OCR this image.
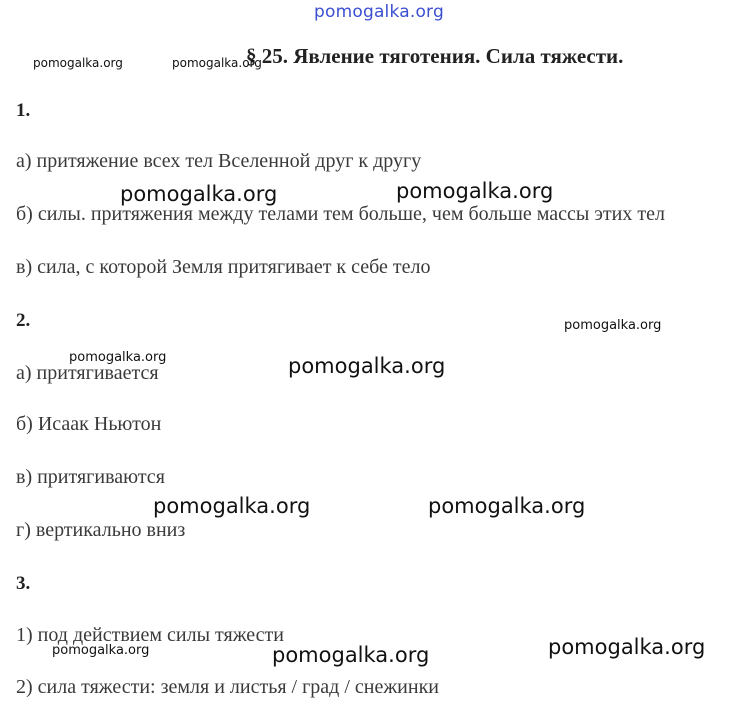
pomogalka.org
§ 25. Явление тяготения. Сила тяжести.
1.
а) притяжение всех тел Вселенной друг к другу
б) силы. притяжения между телами тем больше, чем больше массы этих тел
в) сила, с которой Земля притягивает к себе тело
2.
а) притягивается
б) Исаак Ньютон
в) притягиваются
г) вертикально вниз
3.
1) под действием силы тяжести
2) сила тяжести: земля и листья / град / снежинки
pomogalka.org	pomogalka.org
pomogalka.org	pomogalka.org
pomogalka.org
pomogalka.org	pomogalka.org
pomogalka.org	pomogalka.org
pomogalka.org
pomogalka.org	pomogalka.org
